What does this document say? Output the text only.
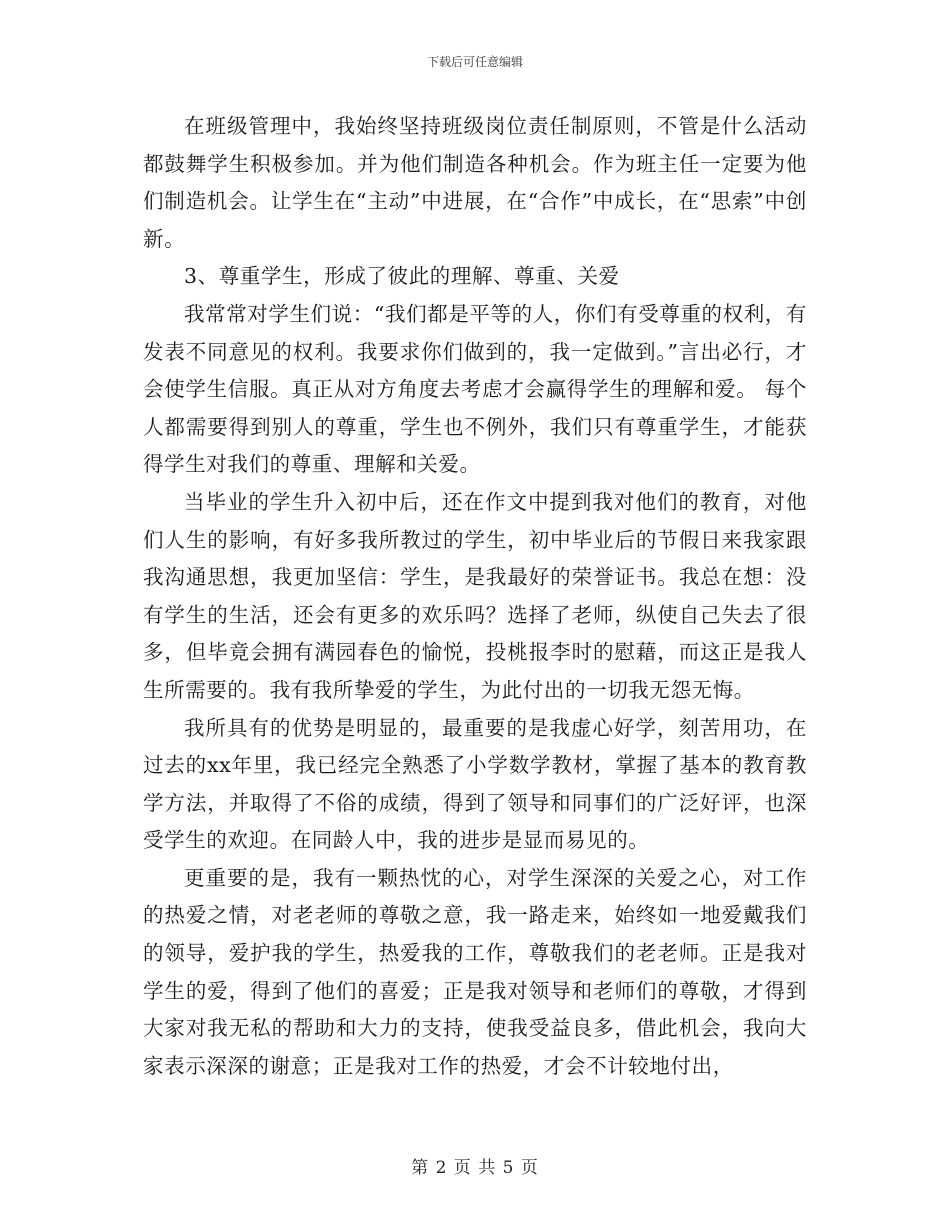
下载后可任意编辑

在班级管理中，我始终坚持班级岗位责任制原则，不管是什么活动都鼓舞学生积极参加。并为他们制造各种机会。作为班主任一定要为他们制造机会。让学生在“主动”中进展，在“合作”中成长，在“思索”中创新。

3、尊重学生，形成了彼此的理解、尊重、关爱

我常常对学生们说：“我们都是平等的人，你们有受尊重的权利，有发表不同意见的权利。我要求你们做到的，我一定做到。”言出必行，才会使学生信服。真正从对方角度去考虑才会赢得学生的理解和爱。 每个人都需要得到别人的尊重，学生也不例外，我们只有尊重学生，才能获得学生对我们的尊重、理解和关爱。

当毕业的学生升入初中后，还在作文中提到我对他们的教育，对他们人生的影响，有好多我所教过的学生，初中毕业后的节假日来我家跟我沟通思想，我更加坚信：学生，是我最好的荣誉证书。我总在想：没有学生的生活，还会有更多的欢乐吗？选择了老师，纵使自己失去了很多，但毕竟会拥有满园春色的愉悦，投桃报李时的慰藉，而这正是我人生所需要的。我有我所挚爱的学生，为此付出的一切我无怨无悔。

我所具有的优势是明显的，最重要的是我虚心好学，刻苦用功，在过去的xx年里，我已经完全熟悉了小学数学教材，掌握了基本的教育教学方法，并取得了不俗的成绩，得到了领导和同事们的广泛好评，也深受学生的欢迎。在同龄人中，我的进步是显而易见的。

更重要的是，我有一颗热忱的心，对学生深深的关爱之心，对工作的热爱之情，对老老师的尊敬之意，我一路走来，始终如一地爱戴我们的领导，爱护我的学生，热爱我的工作，尊敬我们的老老师。正是我对学生的爱，得到了他们的喜爱；正是我对领导和老师们的尊敬，才得到大家对我无私的帮助和大力的支持，使我受益良多，借此机会，我向大家表示深深的谢意；正是我对工作的热爱，才会不计较地付出，

第 2 页 共 5 页
